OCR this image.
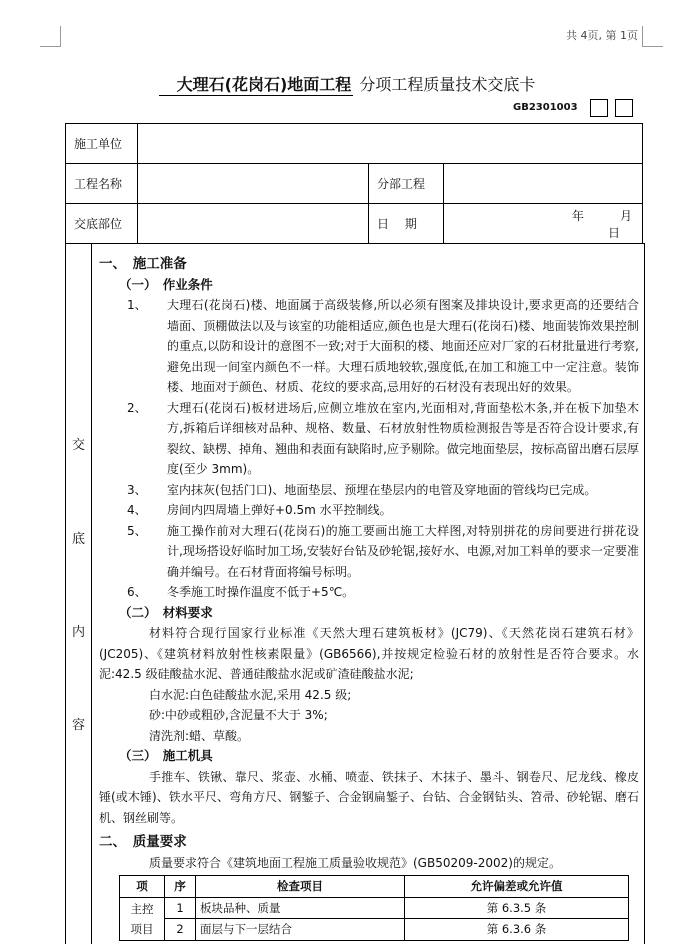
共 4页, 第 1页
大理石(花岗石)地面工程 分项工程质量技术交底卡
GB2301003
施工单位			
工程名称		分部工程	
交底部位		日　 期	年 月日
交
底
内
容
一、　施工准备
（一）　作业条件
1、	大理石(花岗石)楼、地面属于高级装修,所以必须有图案及排块设计,要求更高的还要结合墙面、顶棚做法以及与该室的功能相适应,颜色也是大理石(花岗石)楼、地面装饰效果控制的重点,以防和设计的意图不一致;对于大面积的楼、地面还应对厂家的石材批量进行考察,避免出现一间室内颜色不一样。大理石质地较软,强度低,在加工和施工中一定注意。装饰楼、地面对于颜色、材质、花纹的要求高,忌用好的石材没有表现出好的效果。
2、	大理石(花岗石)板材进场后,应侧立堆放在室内,光面相对,背面垫松木条,并在板下加垫木方,拆箱后详细核对品种、规格、数量、石材放射性物质检测报告等是否符合设计要求,有裂纹、缺楞、掉角、翘曲和表面有缺陷时,应予剔除。做完地面垫层，按标高留出磨石层厚度(至少 3mm)。
3、	室内抹灰(包括门口)、地面垫层、预埋在垫层内的电管及穿地面的管线均已完成。
4、	房间内四周墙上弹好+0.5m 水平控制线。
5、	施工操作前对大理石(花岗石)的施工要画出施工大样图,对特别拼花的房间要进行拼花设计,现场搭设好临时加工场,安装好台钻及砂轮锯,接好水、电源,对加工料单的要求一定要准确并编号。在石材背面将编号标明。
6、	冬季施工时操作温度不低于+5℃。
（二）　材料要求
材料符合现行国家行业标准《天然大理石建筑板材》(JC79)、《天然花岗石建筑石材》(JC205)、《建筑材料放射性核素限量》(GB6566),并按规定检验石材的放射性是否符合要求。水泥:42.5 级硅酸盐水泥、普通硅酸盐水泥或矿渣硅酸盐水泥;
白水泥:白色硅酸盐水泥,采用 42.5 级;
砂:中砂或粗砂,含泥量不大于 3%;
清洗剂:蜡、草酸。
（三）　施工机具
手推车、铁锹、靠尺、浆壶、水桶、喷壶、铁抹子、木抹子、墨斗、钢卷尺、尼龙线、橡皮锤(或木锤)、铁水平尺、弯角方尺、钢錾子、合金钢扁錾子、台钻、合金钢钻头、笤帚、砂轮锯、磨石机、钢丝刷等。
二、　质量要求
质量要求符合《建筑地面工程施工质量验收规范》(GB50209-2002)的规定。
项	序	检查项目	允许偏差或允许值
主控
项目	1	板块品种、质量	第 6.3.5 条
	2	面层与下一层结合	第 6.3.6 条
